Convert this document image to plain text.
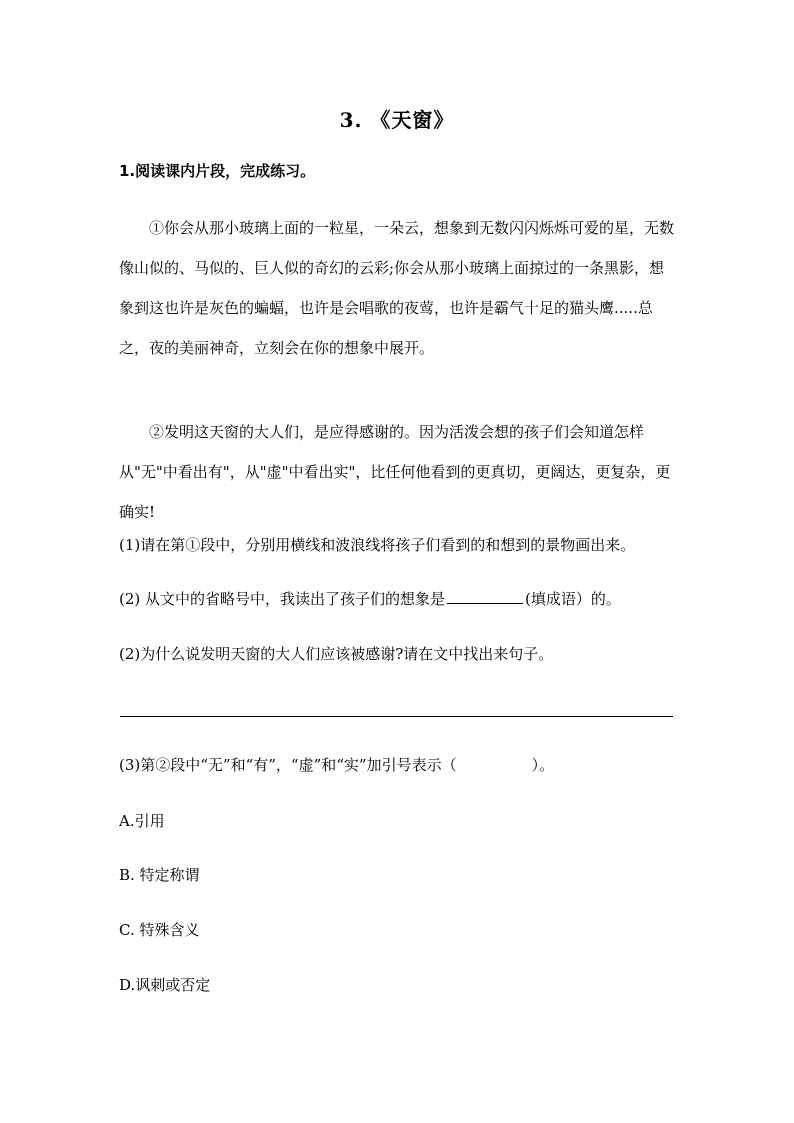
3. 《天窗》
1.阅读课内片段，完成练习。

①你会从那小玻璃上面的一粒星，一朵云，想象到无数闪闪烁烁可爱的星，无数像山似的、马似的、巨人似的奇幻的云彩;你会从那小玻璃上面掠过的一条黑影，想象到这也许是灰色的蝙蝠，也许是会唱歌的夜莺，也许是霸气十足的猫头鹰.....总之，夜的美丽神奇，立刻会在你的想象中展开。

②发明这天窗的大人们，是应得感谢的。因为活泼会想的孩子们会知道怎样从"无"中看出有"，从"虚"中看出实"，比任何他看到的更真切，更阔达，更复杂，更确实!

(1)请在第①段中，分别用横线和波浪线将孩子们看到的和想到的景物画出来。
(2) 从文中的省略号中，我读出了孩子们的想象是	(填成语）的。
(2)为什么说发明天窗的大人们应该被感谢?请在文中找出来句子。
(3)第②段中“无”和“有”，“虚”和“实”加引号表示（　　　　　）。
A.引用
B. 特定称谓
C. 特殊含义
D.讽刺或否定
